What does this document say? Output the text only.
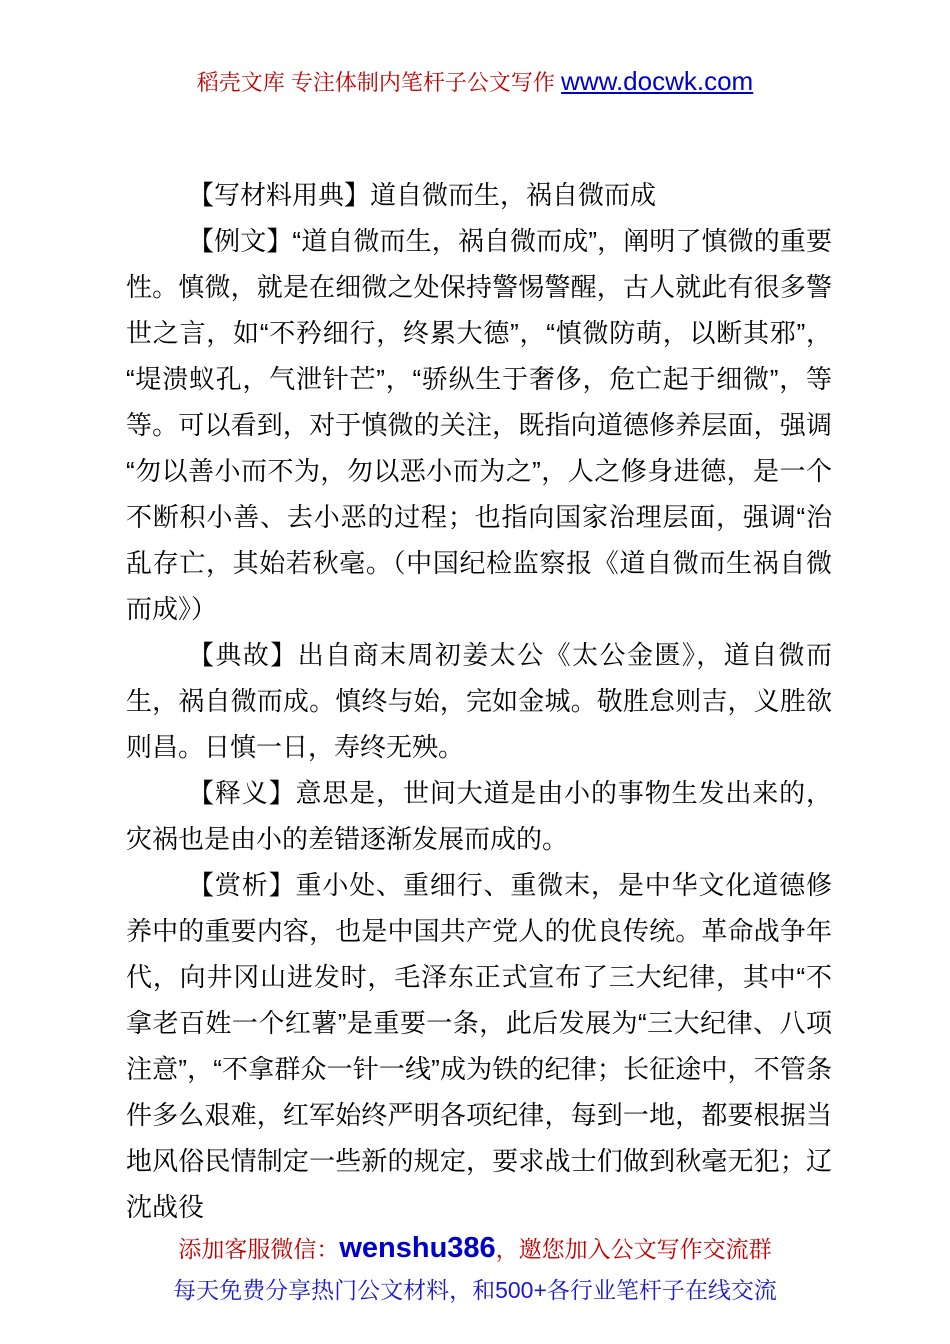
稻壳文库 专注体制内笔杆子公文写作 www.docwk.com

【写材料用典】道自微而生，祸自微而成

【例文】“道自微而生，祸自微而成”，阐明了慎微的重要性。慎微，就是在细微之处保持警惕警醒，古人就此有很多警世之言，如“不矜细行，终累大德”，“慎微防萌，以断其邪”，“堤溃蚁孔，气泄针芒”，“骄纵生于奢侈，危亡起于细微”，等等。可以看到，对于慎微的关注，既指向道德修养层面，强调“勿以善小而不为，勿以恶小而为之”，人之修身进德，是一个不断积小善、去小恶的过程；也指向国家治理层面，强调“治乱存亡，其始若秋毫。（中国纪检监察报《道自微而生祸自微而成》）

【典故】出自商末周初姜太公《太公金匮》，道自微而生，祸自微而成。慎终与始，完如金城。敬胜怠则吉，义胜欲则昌。日慎一日，寿终无殃。

【释义】意思是，世间大道是由小的事物生发出来的，灾祸也是由小的差错逐渐发展而成的。

【赏析】重小处、重细行、重微末，是中华文化道德修养中的重要内容，也是中国共产党人的优良传统。革命战争年代，向井冈山进发时，毛泽东正式宣布了三大纪律，其中“不拿老百姓一个红薯”是重要一条，此后发展为“三大纪律、八项注意”，“不拿群众一针一线”成为铁的纪律；长征途中，不管条件多么艰难，红军始终严明各项纪律，每到一地，都要根据当地风俗民情制定一些新的规定，要求战士们做到秋毫无犯；辽沈战役

添加客服微信：wenshu386，邀您加入公文写作交流群
每天免费分享热门公文材料，和500+各行业笔杆子在线交流
